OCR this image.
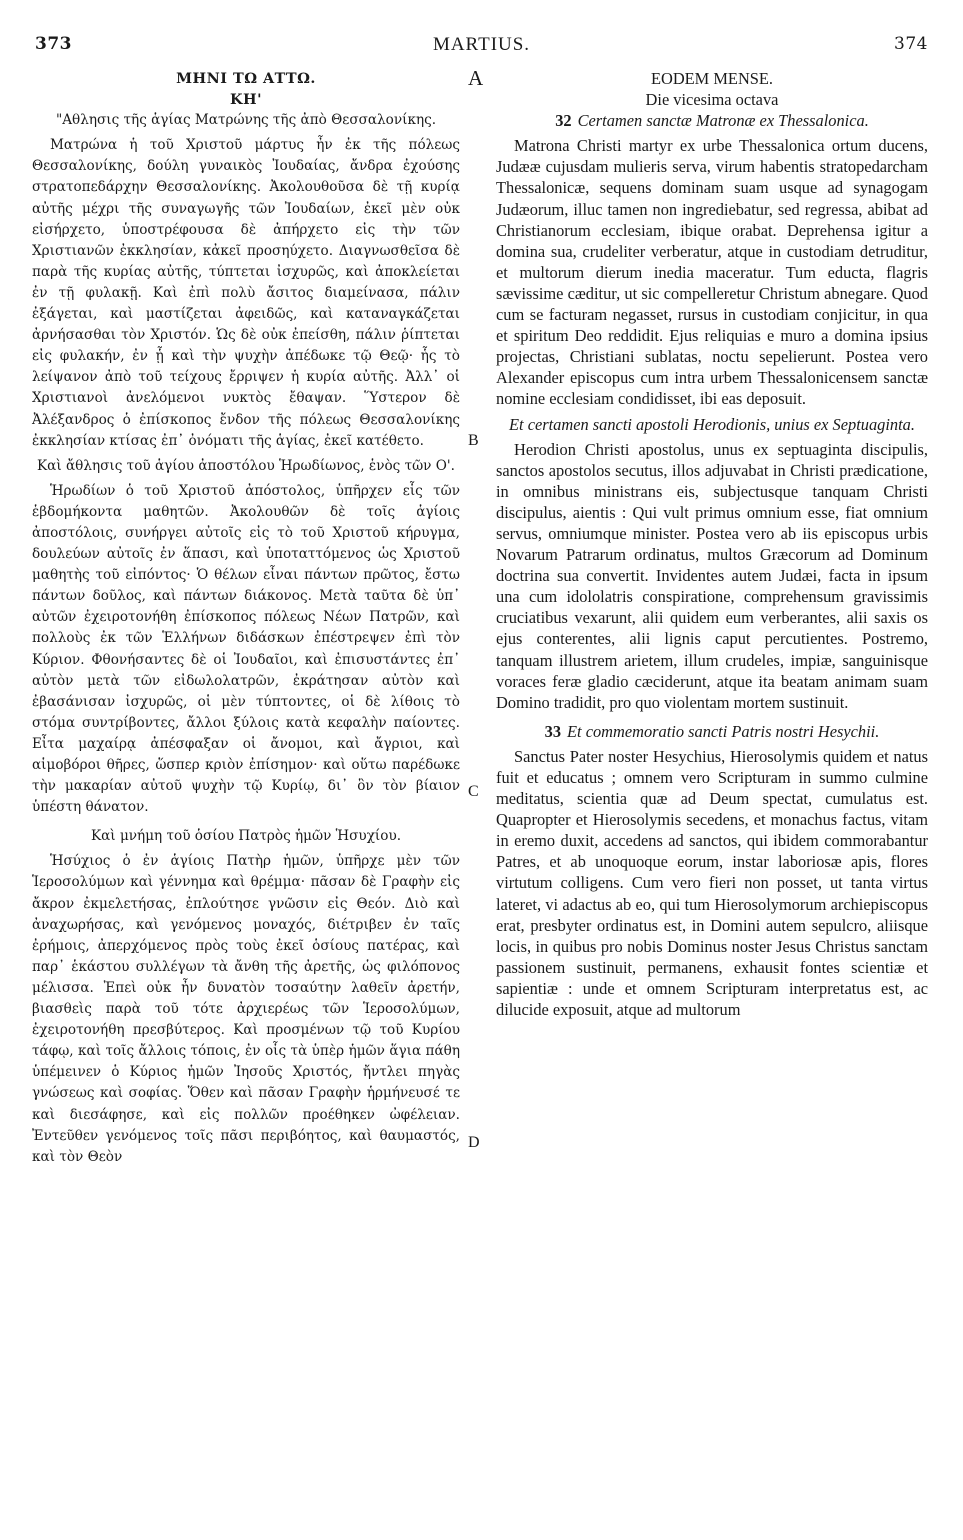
373	MARTIUS.	374
A
B
C
D
ΜΗΝΙ ΤΩ ΑΤΤΩ.
ΚΗ'
"Αθλησις τῆς ἁγίας Ματρώνης τῆς ἀπὸ Θεσσαλονίκης.
Ματρώνα ἡ τοῦ Χριστοῦ μάρτυς ἦν ἐκ τῆς πόλεως Θεσσαλονίκης, δούλη γυναικὸς Ἰουδαίας, ἄνδρα ἐχούσης στρατοπεδάρχην Θεσσαλονίκης. Ἀκολουθοῦσα δὲ τῇ κυρίᾳ αὐτῆς μέχρι τῆς συναγωγῆς τῶν Ἰουδαίων, ἐκεῖ μὲν οὐκ εἰσήρχετο, ὑποστρέφουσα δὲ ἀπήρχετο εἰς τὴν τῶν Χριστιανῶν ἐκκλησίαν, κἀκεῖ προσηύχετο. Διαγνωσθεῖσα δὲ παρὰ τῆς κυρίας αὐτῆς, τύπτεται ἰσχυρῶς, καὶ ἀποκλείεται ἐν τῇ φυλακῇ. Καὶ ἐπὶ πολὺ ἄσιτος διαμείνασα, πάλιν ἐξάγεται, καὶ μαστίζεται ἀφειδῶς, καὶ καταναγκάζεται ἀρνήσασθαι τὸν Χριστόν. Ὡς δὲ οὐκ ἐπείσθη, πάλιν ῥίπτεται εἰς φυλακήν, ἐν ᾗ καὶ τὴν ψυχὴν ἀπέδωκε τῷ Θεῷ· ἧς τὸ λείψανον ἀπὸ τοῦ τείχους ἔρριψεν ἡ κυρία αὐτῆς. Ἀλλ᾽ οἱ Χριστιανοὶ ἀνελόμενοι νυκτὸς ἔθαψαν. Ὕστερον δὲ Ἀλέξανδρος ὁ ἐπίσκοπος ἔνδον τῆς πόλεως Θεσσαλονίκης ἐκκλησίαν κτίσας ἐπ᾽ ὀνόματι τῆς ἁγίας, ἐκεῖ κατέθετο.
Καὶ ἄθλησις τοῦ ἁγίου ἀποστόλου Ἡρωδίωνος, ἑνὸς τῶν Ο'.
Ἡρωδίων ὁ τοῦ Χριστοῦ ἀπόστολος, ὑπῆρχεν εἷς τῶν ἑβδομήκοντα μαθητῶν. Ἀκολουθῶν δὲ τοῖς ἁγίοις ἀποστόλοις, συνήργει αὐτοῖς εἰς τὸ τοῦ Χριστοῦ κήρυγμα, δουλεύων αὐτοῖς ἐν ἅπασι, καὶ ὑποταττόμενος ὡς Χριστοῦ μαθητὴς τοῦ εἰπόντος· Ὁ θέλων εἶναι πάντων πρῶτος, ἔστω πάντων δοῦλος, καὶ πάντων διάκονος. Μετὰ ταῦτα δὲ ὑπ᾽ αὐτῶν ἐχειροτονήθη ἐπίσκοπος πόλεως Νέων Πατρῶν, καὶ πολλοὺς ἐκ τῶν Ἑλλήνων διδάσκων ἐπέστρεψεν ἐπὶ τὸν Κύριον. Φθονήσαντες δὲ οἱ Ἰουδαῖοι, καὶ ἐπισυστάντες ἐπ᾽ αὐτὸν μετὰ τῶν εἰδωλολατρῶν, ἐκράτησαν αὐτὸν καὶ ἐβασάνισαν ἰσχυρῶς, οἱ μὲν τύπτοντες, οἱ δὲ λίθοις τὸ στόμα συντρίβοντες, ἄλλοι ξύλοις κατὰ κεφαλὴν παίοντες. Εἶτα μαχαίρᾳ ἀπέσφαξαν οἱ ἄνομοι, καὶ ἄγριοι, καὶ αἱμοβόροι θῆρες, ὥσπερ κριὸν ἐπίσημον· καὶ οὕτω παρέδωκε τὴν μακαρίαν αὐτοῦ ψυχὴν τῷ Κυρίῳ, δι᾽ ὃν τὸν βίαιον ὑπέστη θάνατον.
Καὶ μνήμη τοῦ ὁσίου Πατρὸς ἡμῶν Ἡσυχίου.
Ἡσύχιος ὁ ἐν ἁγίοις Πατὴρ ἡμῶν, ὑπῆρχε μὲν τῶν Ἱεροσολύμων καὶ γέννημα καὶ θρέμμα· πᾶσαν δὲ Γραφὴν εἰς ἄκρον ἐκμελετήσας, ἐπλούτησε γνῶσιν εἰς Θεόν. Διὸ καὶ ἀναχωρήσας, καὶ γενόμενος μοναχός, διέτριβεν ἐν ταῖς ἐρήμοις, ἀπερχόμενος πρὸς τοὺς ἐκεῖ ὁσίους πατέρας, καὶ παρ᾽ ἑκάστου συλλέγων τὰ ἄνθη τῆς ἀρετῆς, ὡς φιλόπονος μέλισσα. Ἐπεὶ οὐκ ἦν δυνατὸν τοσαύτην λαθεῖν ἀρετήν, βιασθεὶς παρὰ τοῦ τότε ἀρχιερέως τῶν Ἱεροσολύμων, ἐχειροτονήθη πρεσβύτερος. Καὶ προσμένων τῷ τοῦ Κυρίου τάφῳ, καὶ τοῖς ἄλλοις τόποις, ἐν οἷς τὰ ὑπὲρ ἡμῶν ἅγια πάθη ὑπέμεινεν ὁ Κύριος ἡμῶν Ἰησοῦς Χριστός, ἤντλει πηγὰς γνώσεως καὶ σοφίας. Ὅθεν καὶ πᾶσαν Γραφὴν ἡρμήνευσέ τε καὶ διεσάφησε, καὶ εἰς πολλῶν προέθηκεν ὠφέλειαν. Ἐντεῦθεν γενόμενος τοῖς πᾶσι περιβόητος, καὶ θαυμαστός, καὶ τὸν Θεὸν
EODEM MENSE.
Die vicesima octava
32 Certamen sanctæ Matronæ ex Thessalonica.
Matrona Christi martyr ex urbe Thessalonica ortum ducens, Judææ cujusdam mulieris serva, virum habentis stratopedarcham Thessalonicæ, sequens dominam suam usque ad synagogam Judæorum, illuc tamen non ingrediebatur, sed regressa, abibat ad Christianorum ecclesiam, ibique orabat. Deprehensa igitur a domina sua, crudeliter verberatur, atque in custodiam detruditur, et multorum dierum inedia maceratur. Tum educta, flagris sævissime cæditur, ut sic compelleretur Christum abnegare. Quod cum se facturam negasset, rursus in custodiam conjicitur, in qua et spiritum Deo reddidit. Ejus reliquias e muro a domina ipsius projectas, Christiani sublatas, noctu sepelierunt. Postea vero Alexander episcopus cum intra urbem Thessalonicensem sanctæ nomine ecclesiam condidisset, ibi eas deposuit.
Et certamen sancti apostoli Herodionis, unius ex Septuaginta.
Herodion Christi apostolus, unus ex septuaginta discipulis, sanctos apostolos secutus, illos adjuvabat in Christi prædicatione, in omnibus ministrans eis, subjectusque tanquam Christi discipulus, aientis : Qui vult primus omnium esse, fiat omnium servus, omniumque minister. Postea vero ab iis episcopus urbis Novarum Patrarum ordinatus, multos Græcorum ad Dominum doctrina sua convertit. Invidentes autem Judæi, facta in ipsum una cum idololatris conspiratione, comprehensum gravissimis cruciatibus vexarunt, alii quidem eum verberantes, alii saxis os ejus conterentes, alii lignis caput percutientes. Postremo, tanquam illustrem arietem, illum crudeles, impiæ, sanguinisque voraces feræ gladio cæciderunt, atque ita beatam animam suam Domino tradidit, pro quo violentam mortem sustinuit.
33 Et commemoratio sancti Patris nostri Hesychii.
Sanctus Pater noster Hesychius, Hierosolymis quidem et natus fuit et educatus ; omnem vero Scripturam in summo culmine meditatus, scientia quæ ad Deum spectat, cumulatus est. Quapropter et Hierosolymis secedens, et monachus factus, vitam in eremo duxit, accedens ad sanctos, qui ibidem commorabantur Patres, et ab unoquoque eorum, instar laboriosæ apis, flores virtutum colligens. Cum vero fieri non posset, ut tanta virtus lateret, vi adactus ab eo, qui tum Hierosolymorum archiepiscopus erat, presbyter ordinatus est, in Domini autem sepulcro, aliisque locis, in quibus pro nobis Dominus noster Jesus Christus sanctam passionem sustinuit, permanens, exhausit fontes scientiæ et sapientiæ : unde et omnem Scripturam interpretatus est, ac dilucide exposuit, atque ad multorum
